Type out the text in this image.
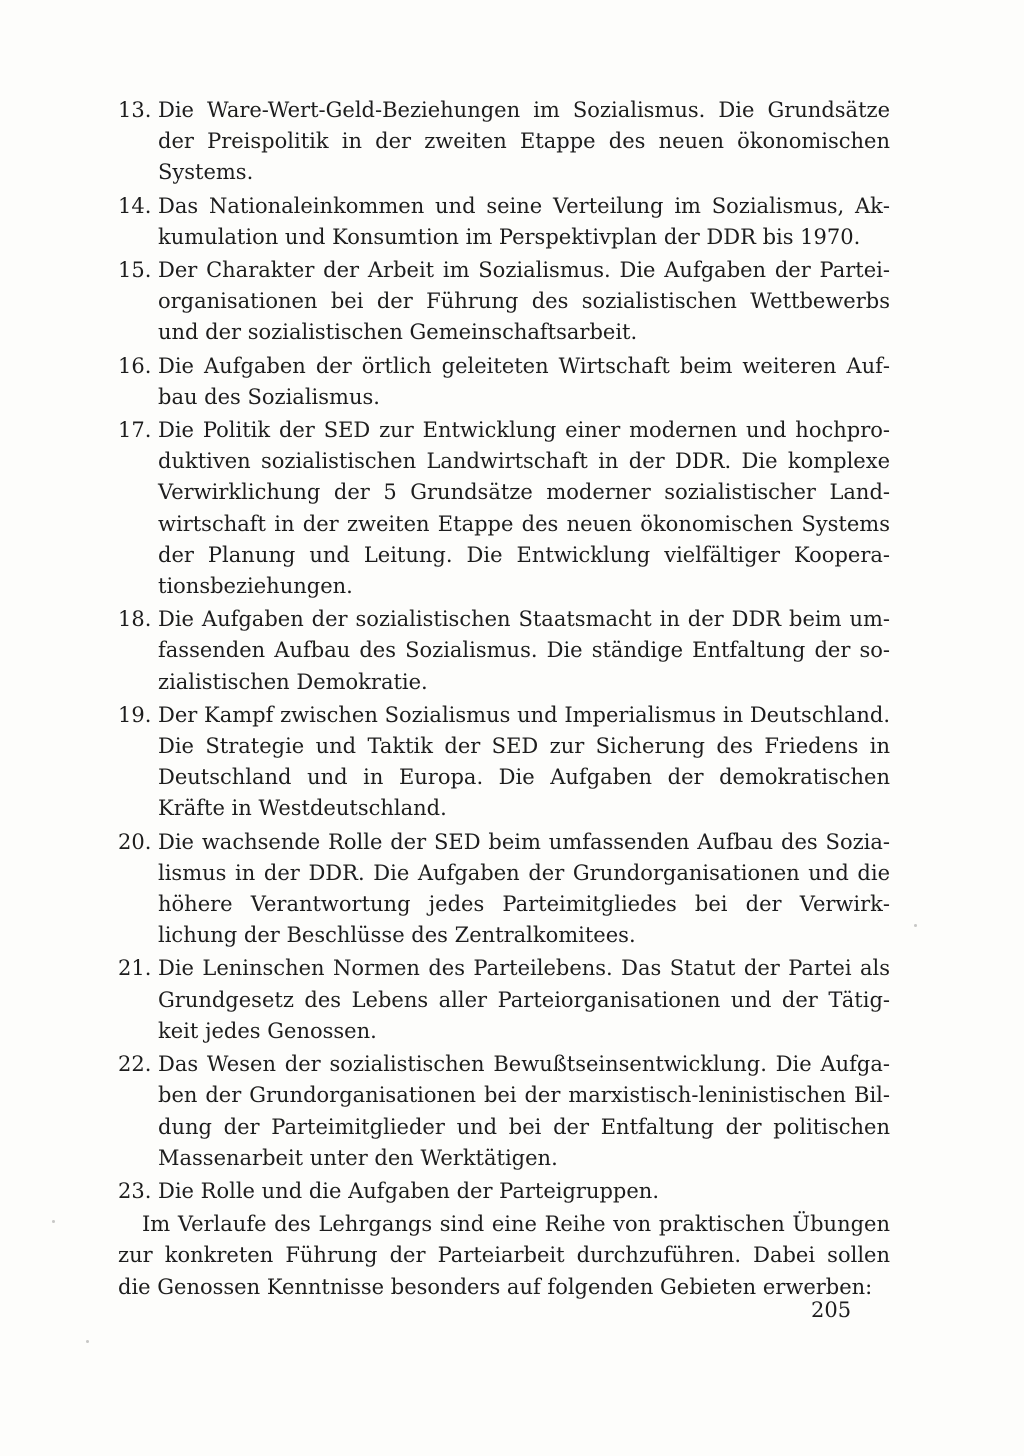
13. Die Ware-Wert-Geld-Beziehungen im Sozialismus. Die Grundsätze der Preispolitik in der zweiten Etappe des neuen ökonomischen Systems.
14. Das Nationaleinkommen und seine Verteilung im Sozialismus, Akkumulation und Konsumtion im Perspektivplan der DDR bis 1970.
15. Der Charakter der Arbeit im Sozialismus. Die Aufgaben der Parteiorganisationen bei der Führung des sozialistischen Wettbewerbs und der sozialistischen Gemeinschaftsarbeit.
16. Die Aufgaben der örtlich geleiteten Wirtschaft beim weiteren Aufbau des Sozialismus.
17. Die Politik der SED zur Entwicklung einer modernen und hochproduktiven sozialistischen Landwirtschaft in der DDR. Die komplexe Verwirklichung der 5 Grundsätze moderner sozialistischer Landwirtschaft in der zweiten Etappe des neuen ökonomischen Systems der Planung und Leitung. Die Entwicklung vielfältiger Kooperationsbeziehungen.
18. Die Aufgaben der sozialistischen Staatsmacht in der DDR beim umfassenden Aufbau des Sozialismus. Die ständige Entfaltung der sozialistischen Demokratie.
19. Der Kampf zwischen Sozialismus und Imperialismus in Deutschland. Die Strategie und Taktik der SED zur Sicherung des Friedens in Deutschland und in Europa. Die Aufgaben der demokratischen Kräfte in Westdeutschland.
20. Die wachsende Rolle der SED beim umfassenden Aufbau des Sozialismus in der DDR. Die Aufgaben der Grundorganisationen und die höhere Verantwortung jedes Parteimitgliedes bei der Verwirklichung der Beschlüsse des Zentralkomitees.
21. Die Leninschen Normen des Parteilebens. Das Statut der Partei als Grundgesetz des Lebens aller Parteiorganisationen und der Tätigkeit jedes Genossen.
22. Das Wesen der sozialistischen Bewußtseinsentwicklung. Die Aufgaben der Grundorganisationen bei der marxistisch-leninistischen Bildung der Parteimitglieder und bei der Entfaltung der politischen Massenarbeit unter den Werktätigen.
23. Die Rolle und die Aufgaben der Parteigruppen.

Im Verlaufe des Lehrgangs sind eine Reihe von praktischen Übungen zur konkreten Führung der Parteiarbeit durchzuführen. Dabei sollen die Genossen Kenntnisse besonders auf folgenden Gebieten erwerben:

205
